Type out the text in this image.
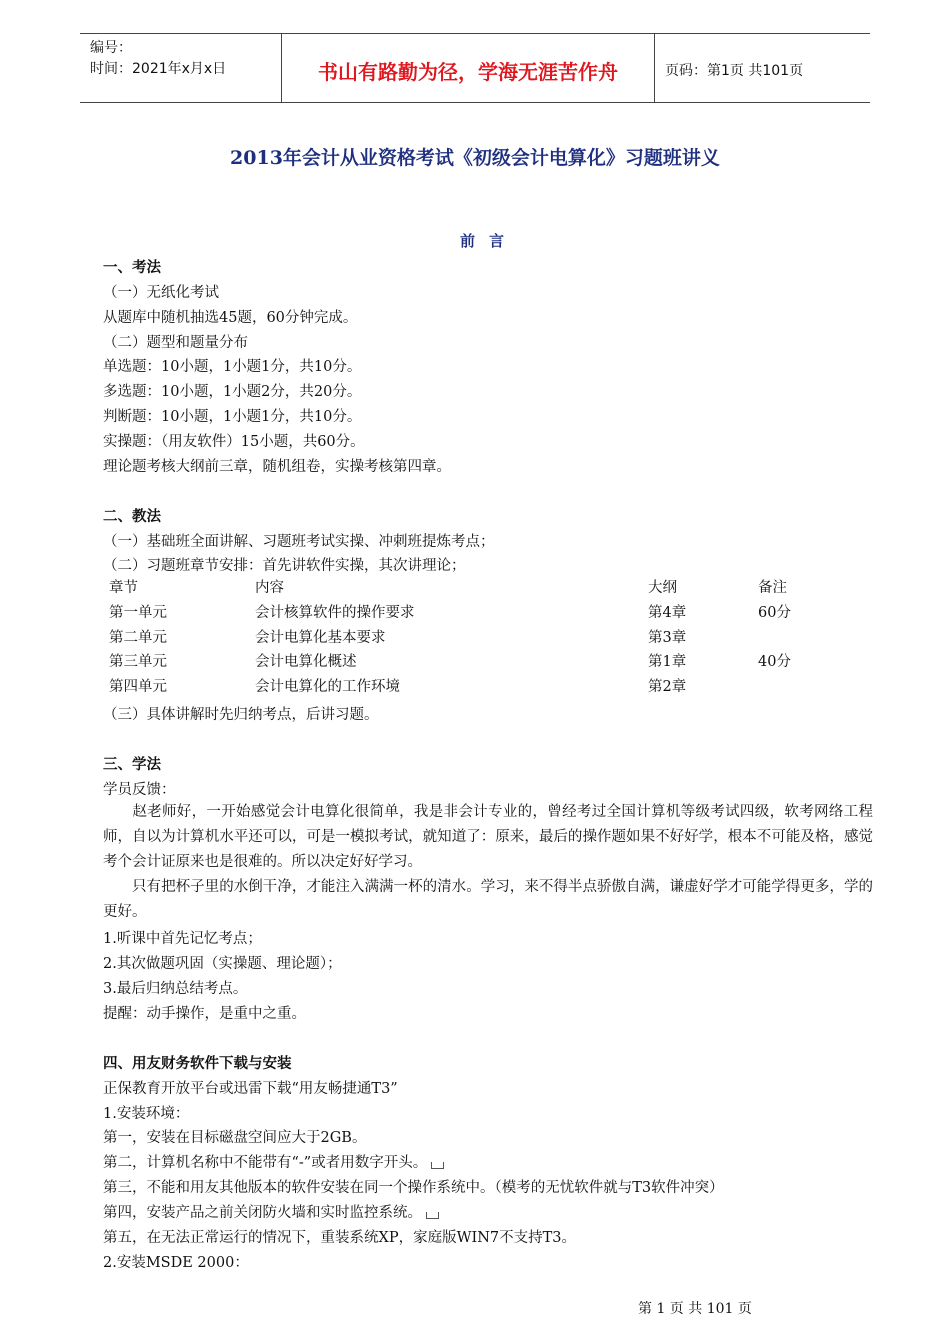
编号：
时间：2021年x月x日	书山有路勤为径，学海无涯苦作舟	页码：第1页 共101页
2013年会计从业资格考试《初级会计电算化》习题班讲义
前言
一、考法
（一）无纸化考试
从题库中随机抽选45题，60分钟完成。
（二）题型和题量分布
单选题：10小题，1小题1分，共10分。
多选题：10小题，1小题2分，共20分。
判断题：10小题，1小题1分，共10分。
实操题：（用友软件）15小题，共60分。
理论题考核大纲前三章，随机组卷，实操考核第四章。
二、教法
（一）基础班全面讲解、习题班考试实操、冲刺班提炼考点；
（二）习题班章节安排：首先讲软件实操，其次讲理论；
章节	内容	大纲	备注
第一单元	会计核算软件的操作要求	第4章	60分
第二单元	会计电算化基本要求	第3章
第三单元	会计电算化概述	第1章	40分
第四单元	会计电算化的工作环境	第2章
（三）具体讲解时先归纳考点，后讲习题。
三、学法
学员反馈：
赵老师好，一开始感觉会计电算化很简单，我是非会计专业的，曾经考过全国计算机等级考试四级，软考网络工程师，自以为计算机水平还可以，可是一模拟考试，就知道了：原来，最后的操作题如果不好好学，根本不可能及格，感觉考个会计证原来也是很难的。所以决定好好学习。
只有把杯子里的水倒干净，才能注入满满一杯的清水。学习，来不得半点骄傲自满，谦虚好学才可能学得更多，学的更好。
1.听课中首先记忆考点；
2.其次做题巩固（实操题、理论题）；
3.最后归纳总结考点。
提醒：动手操作，是重中之重。
四、用友财务软件下载与安装
正保教育开放平台或迅雷下载“用友畅捷通T3”
1.安装环境：
第一，安装在目标磁盘空间应大于2GB。
第二，计算机名称中不能带有“-”或者用数字开头。
第三，不能和用友其他版本的软件安装在同一个操作系统中。（模考的无忧软件就与T3软件冲突）
第四，安装产品之前关闭防火墙和实时监控系统。
第五，在无法正常运行的情况下，重装系统XP，家庭版WIN7不支持T3。
2.安装MSDE 2000：
第 1 页 共 101 页
